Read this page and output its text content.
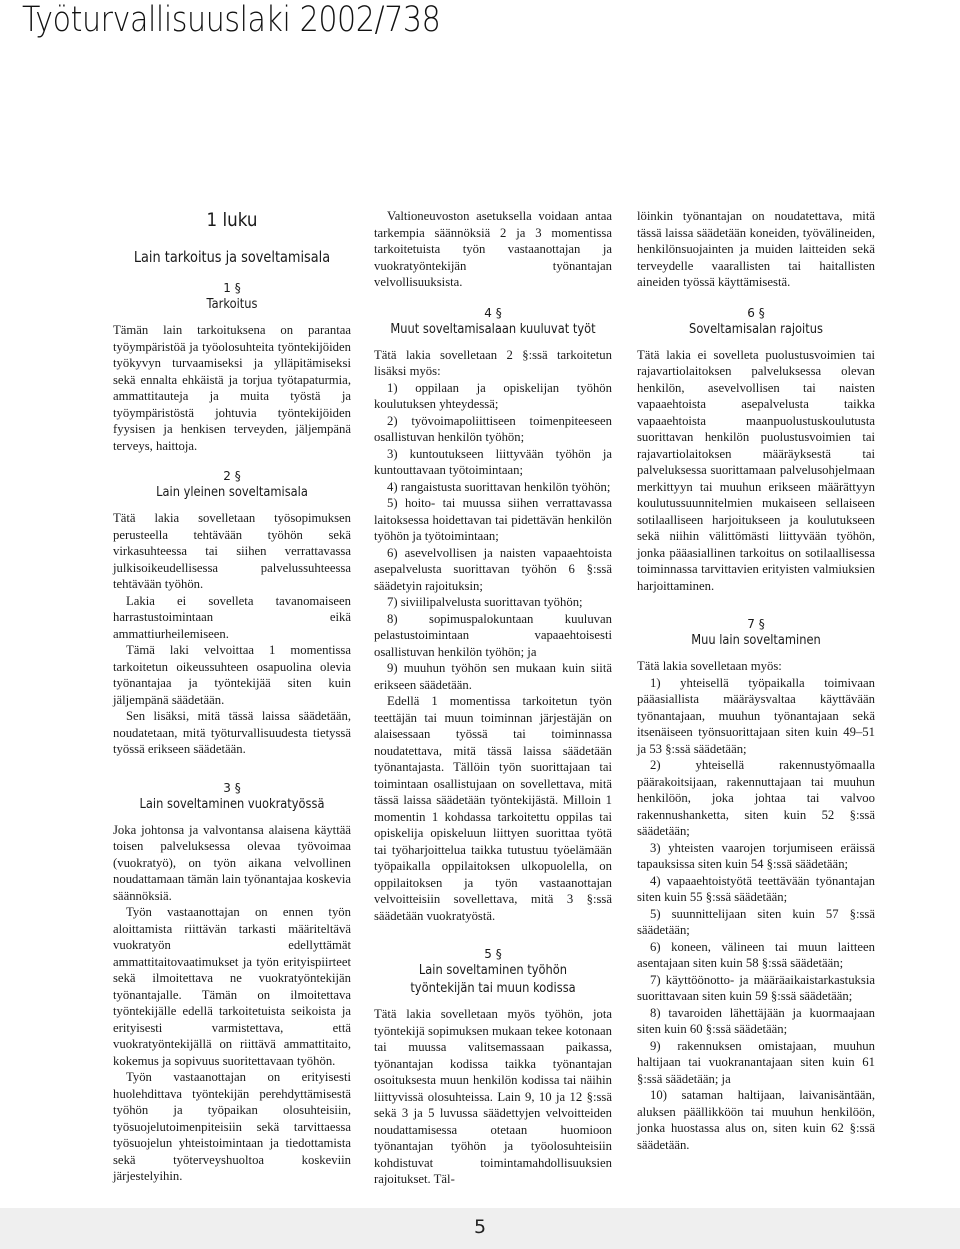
Työturvallisuuslaki 2002/738
1 luku
Lain tarkoitus ja soveltamisala
1 §
Tarkoitus

Tämän lain tarkoituksena on parantaa työympäristöä ja työolosuhteita työntekijöiden työkyvyn turvaamiseksi ja ylläpitämiseksi sekä ennalta ehkäistä ja torjua työtapaturmia, ammattitauteja ja muita työstä ja työympäristöstä johtuvia työntekijöiden fyysisen ja henkisen terveyden, jäljempänä terveys, haittoja.

2 §
Lain yleinen soveltamisala

Tätä lakia sovelletaan työsopimuksen perusteella tehtävään työhön sekä virkasuhteessa tai siihen verrattavassa julkisoikeudellisessa palvelussuhteessa tehtävään työhön.

Lakia ei sovelleta tavanomaiseen harrastustoimintaan eikä ammattiurheilemiseen.

Tämä laki velvoittaa 1 momentissa tarkoitetun oikeussuhteen osapuolina olevia työnantajaa ja työntekijää siten kuin jäljempänä säädetään.

Sen lisäksi, mitä tässä laissa säädetään, noudatetaan, mitä työturvallisuudesta tietyssä työssä erikseen säädetään.

3 §
Lain soveltaminen vuokratyössä

Joka johtonsa ja valvontansa alaisena käyttää toisen palveluksessa olevaa työvoimaa (vuokratyö), on työn aikana velvollinen noudattamaan tämän lain työnantajaa koskevia säännöksiä.

Työn vastaanottajan on ennen työn aloittamista riittävän tarkasti määriteltävä vuokratyön edellyttämät ammattitaitovaatimukset ja työn erityispiirteet sekä ilmoitettava ne vuokratyöntekijän työnantajalle. Tämän on ilmoitettava työntekijälle edellä tarkoitetuista seikoista ja erityisesti varmistettava, että vuokratyöntekijällä on riittävä ammattitaito, kokemus ja sopivuus suoritettavaan työhön.

Työn vastaanottajan on erityisesti huolehdittava työntekijän perehdyttämisestä työhön ja työpaikan olosuhteisiin, työsuojelutoimenpiteisiin sekä tarvittaessa työsuojelun yhteistoimintaan ja tiedottamista sekä työterveyshuoltoa koskeviin järjestelyihin.

Valtioneuvoston asetuksella voidaan antaa tarkempia säännöksiä 2 ja 3 momentissa tarkoitetuista työn vastaanottajan ja vuokratyöntekijän työnantajan velvollisuuksista.

4 §
Muut soveltamisalaan kuuluvat työt

Tätä lakia sovelletaan 2 §:ssä tarkoitetun lisäksi myös:

1) oppilaan ja opiskelijan työhön koulutuksen yhteydessä;

2) työvoimapoliittiseen toimenpiteeseen osallistuvan henkilön työhön;

3) kuntoutukseen liittyvään työhön ja kuntouttavaan työtoimintaan;

4) rangaistusta suorittavan henkilön työhön;

5) hoito- tai muussa siihen verrattavassa laitoksessa hoidettavan tai pidettävän henkilön työhön ja työtoimintaan;

6) asevelvollisen ja naisten vapaaehtoista asepalvelusta suorittavan työhön 6 §:ssä säädetyin rajoituksin;

7) siviilipalvelusta suorittavan työhön;

8) sopimuspalokuntaan kuuluvan pelastustoimintaan vapaaehtoisesti osallistuvan henkilön työhön; ja

9) muuhun työhön sen mukaan kuin siitä erikseen säädetään.

Edellä 1 momentissa tarkoitetun työn teettäjän tai muun toiminnan järjestäjän on alaisessaan työssä tai toiminnassa noudatettava, mitä tässä laissa säädetään työnantajasta. Tällöin työn suorittajaan tai toimintaan osallistujaan on sovellettava, mitä tässä laissa säädetään työntekijästä. Milloin 1 momentin 1 kohdassa tarkoitettu oppilas tai opiskelija opiskeluun liittyen suorittaa työtä tai työharjoittelua taikka tutustuu työelämään työpaikalla oppilaitoksen ulkopuolella, on oppilaitoksen ja työn vastaanottajan velvoitteisiin sovellettava, mitä 3 §:ssä säädetään vuokratyöstä.

5 §
Lain soveltaminen työhön työntekijän tai muun kodissa

Tätä lakia sovelletaan myös työhön, jota työntekijä sopimuksen mukaan tekee kotonaan tai muussa valitsemassaan paikassa, työnantajan kodissa taikka työnantajan osoituksesta muun henkilön kodissa tai näihin liittyvissä olosuhteissa. Lain 9, 10 ja 12 §:ssä sekä 3 ja 5 luvussa säädettyjen velvoitteiden noudattamisessa otetaan huomioon työnantajan työhön ja työolosuhteisiin kohdistuvat toimintamahdollisuuksien rajoitukset. Täl-

löinkin työnantajan on noudatettava, mitä tässä laissa säädetään koneiden, työvälineiden, henkilönsuojainten ja muiden laitteiden sekä terveydelle vaarallisten tai haitallisten aineiden työssä käyttämisestä.

6 §
Soveltamisalan rajoitus

Tätä lakia ei sovelleta puolustusvoimien tai rajavartiolaitoksen palveluksessa olevan henkilön, asevelvollisen tai naisten vapaaehtoista asepalvelusta taikka vapaaehtoista maanpuolustuskoulutusta suorittavan henkilön puolustusvoimien tai rajavartiolaitoksen määräyksestä tai palveluksessa suorittamaan palvelusohjelmaan merkittyyn tai muuhun erikseen määrättyyn koulutussuunnitelmien mukaiseen sellaiseen sotilaalliseen harjoitukseen ja koulutukseen sekä niihin välittömästi liittyvään työhön, jonka pääasiallinen tarkoitus on sotilaallisessa toiminnassa tarvittavien erityisten valmiuksien harjoittaminen.

7 §
Muu lain soveltaminen

Tätä lakia sovelletaan myös:

1) yhteisellä työpaikalla toimivaan pääasiallista määräysvaltaa käyttävään työnantajaan, muuhun työnantajaan sekä itsenäiseen työnsuorittajaan siten kuin 49–51 ja 53 §:ssä säädetään;

2) yhteisellä rakennustyömaalla päärakoitsijaan, rakennuttajaan tai muuhun henkilöön, joka johtaa tai valvoo rakennushanketta, siten kuin 52 §:ssä säädetään;

3) yhteisten vaarojen torjumiseen eräissä tapauksissa siten kuin 54 §:ssä säädetään;

4) vapaaehtoistyötä teettävään työnantajan siten kuin 55 §:ssä säädetään;

5) suunnittelijaan siten kuin 57 §:ssä säädetään;

6) koneen, välineen tai muun laitteen asentajaan siten kuin 58 §:ssä säädetään;

7) käyttöönotto- ja määräaikaistarkastuksia suorittavaan siten kuin 59 §:ssä säädetään;

8) tavaroiden lähettäjään ja kuormaajaan siten kuin 60 §:ssä säädetään;

9) rakennuksen omistajaan, muuhun haltijaan tai vuokranantajaan siten kuin 61 §:ssä säädetään; ja

10) sataman haltijaan, laivanisäntään, aluksen päällikköön tai muuhun henkilöön, jonka huostassa alus on, siten kuin 62 §:ssä säädetään.

5
